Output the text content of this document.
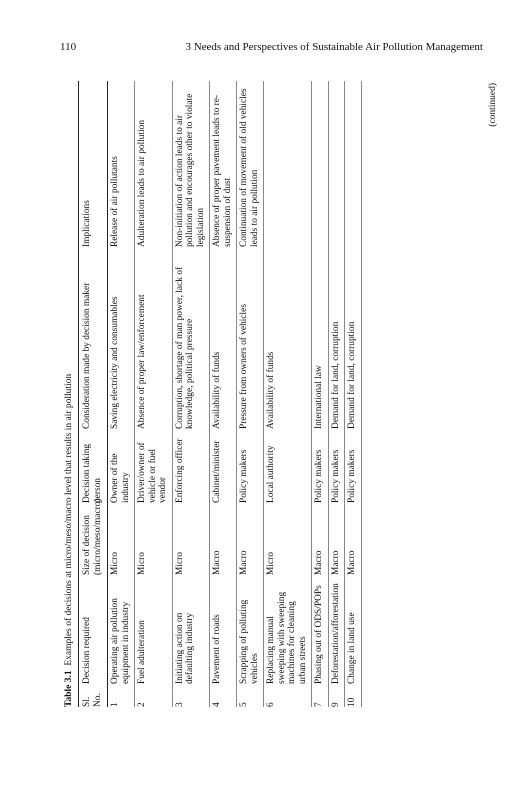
110	3 Needs and Perspectives of Sustainable Air Pollution Management
Table 3.1  Examples of decisions at micro/meso/macro level that results in air pollution
Sl. No.	Decision required	Size of decision (micro/meso/macro)	Decision taking person	Consideration made by decision maker	Implications
1	Operating air pollution equipment in industry	Micro	Owner of the industry	Saving electricity and consumables	Release of air pollutants
2	Fuel adulteration	Micro	Driver/owner of vehicle or fuel vendor	Absence of proper law/enforcement	Adulteration leads to air pollution
3	Initiating action on defaulting industry	Micro	Enforcing officer	Corruption, shortage of man power, lack of knowledge, political pressure	Non-initiation of action leads to air pollution and encourages other to violate legislation
4	Pavement of roads	Macro	Cabinet/minister	Availability of funds	Absence of proper pavement leads to re-suspension of dust
5	Scrapping of polluting vehicles	Macro	Policy makers	Pressure from owners of vehicles	Continuation of movement of old vehicles leads to air pollution
6	Replacing manual sweeping with sweeping machines for cleaning urban streets	Micro	Local authority	Availability of funds	
7	Phasing out of ODS/POPs	Macro	Policy makers	International law	
9	Deforestation/afforestation	Macro	Policy makers	Demand for land, corruption	
10	Change in land use	Macro	Policy makers	Demand for land, corruption	
(continued)
